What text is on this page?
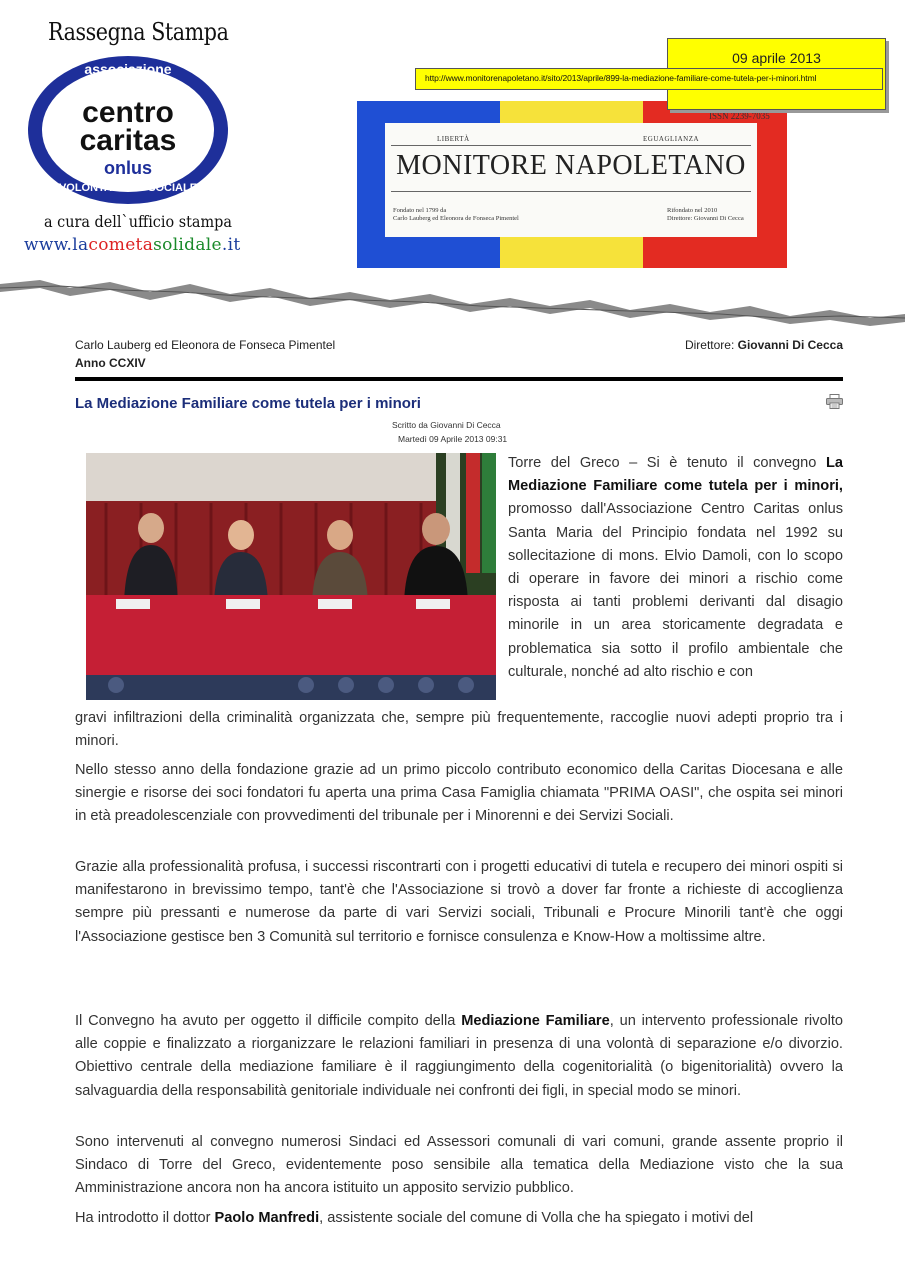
Rassegna Stampa
associazione
centro
caritas
onlus
VOLONTARIATO SOCIALE
a cura dell`ufficio stampa
www.lacometasolidale.it
ISSN 2239-7035
LIBERTÀ	EGUAGLIANZA
MONITORE NAPOLETANO
Fondato nel 1799 da
Carlo Lauberg ed Eleonora de Fonseca Pimentel
Rifondato nel 2010
Direttore: Giovanni Di Cecca
09 aprile 2013
http://www.monitorenapoletano.it/sito/2013/aprile/899-la-mediazione-familiare-come-tutela-per-i-minori.html
Carlo Lauberg ed Eleonora de Fonseca Pimentel
Anno CCXIV
Direttore: Giovanni Di Cecca
La Mediazione Familiare come tutela per i minori
Scritto da Giovanni Di Cecca
Martedì 09 Aprile 2013 09:31
Torre del Greco – Si è tenuto il convegno La Mediazione Familiare come tutela per i minori, promosso dall'Associazione Centro Caritas onlus Santa Maria del Principio fondata nel 1992 su sollecitazione di mons. Elvio Damoli, con lo scopo di operare in favore dei minori a rischio come risposta ai tanti problemi derivanti dal disagio minorile in un area storicamente degradata e problematica sia sotto il profilo ambientale che culturale, nonché ad alto rischio e con
gravi infiltrazioni della criminalità organizzata che, sempre più frequentemente, raccoglie nuovi adepti proprio tra i minori.
Nello stesso anno della fondazione grazie ad un primo piccolo contributo economico della Caritas Diocesana e alle sinergie e risorse dei soci fondatori fu aperta una prima Casa Famiglia chiamata "PRIMA OASI", che ospita sei minori in età preadolescenziale con provvedimenti del tribunale per i Minorenni e dei Servizi Sociali.
Grazie alla professionalità profusa, i successi riscontrarti con i progetti educativi di tutela e recupero dei minori ospiti si manifestarono in brevissimo tempo, tant'è che l'Associazione si trovò a dover far fronte a richieste di accoglienza sempre più pressanti e numerose da parte di vari Servizi sociali, Tribunali e Procure Minorili tant'è che oggi l'Associazione gestisce ben 3 Comunità sul territorio e fornisce consulenza e Know-How a moltissime altre.
Il Convegno ha avuto per oggetto il difficile compito della Mediazione Familiare, un intervento professionale rivolto alle coppie e finalizzato a riorganizzare le relazioni familiari in presenza di una volontà di separazione e/o divorzio. Obiettivo centrale della mediazione familiare è il raggiungimento della cogenitorialità (o bigenitorialità) ovvero la salvaguardia della responsabilità genitoriale individuale nei confronti dei figli, in special modo se minori.
Sono intervenuti al convegno numerosi Sindaci ed Assessori comunali di vari comuni, grande assente proprio il Sindaco di Torre del Greco, evidentemente poso sensibile alla tematica della Mediazione visto che la sua Amministrazione ancora non ha ancora istituito un apposito servizio pubblico.
Ha introdotto il dottor Paolo Manfredi, assistente sociale del comune di Volla che ha spiegato i motivi del
